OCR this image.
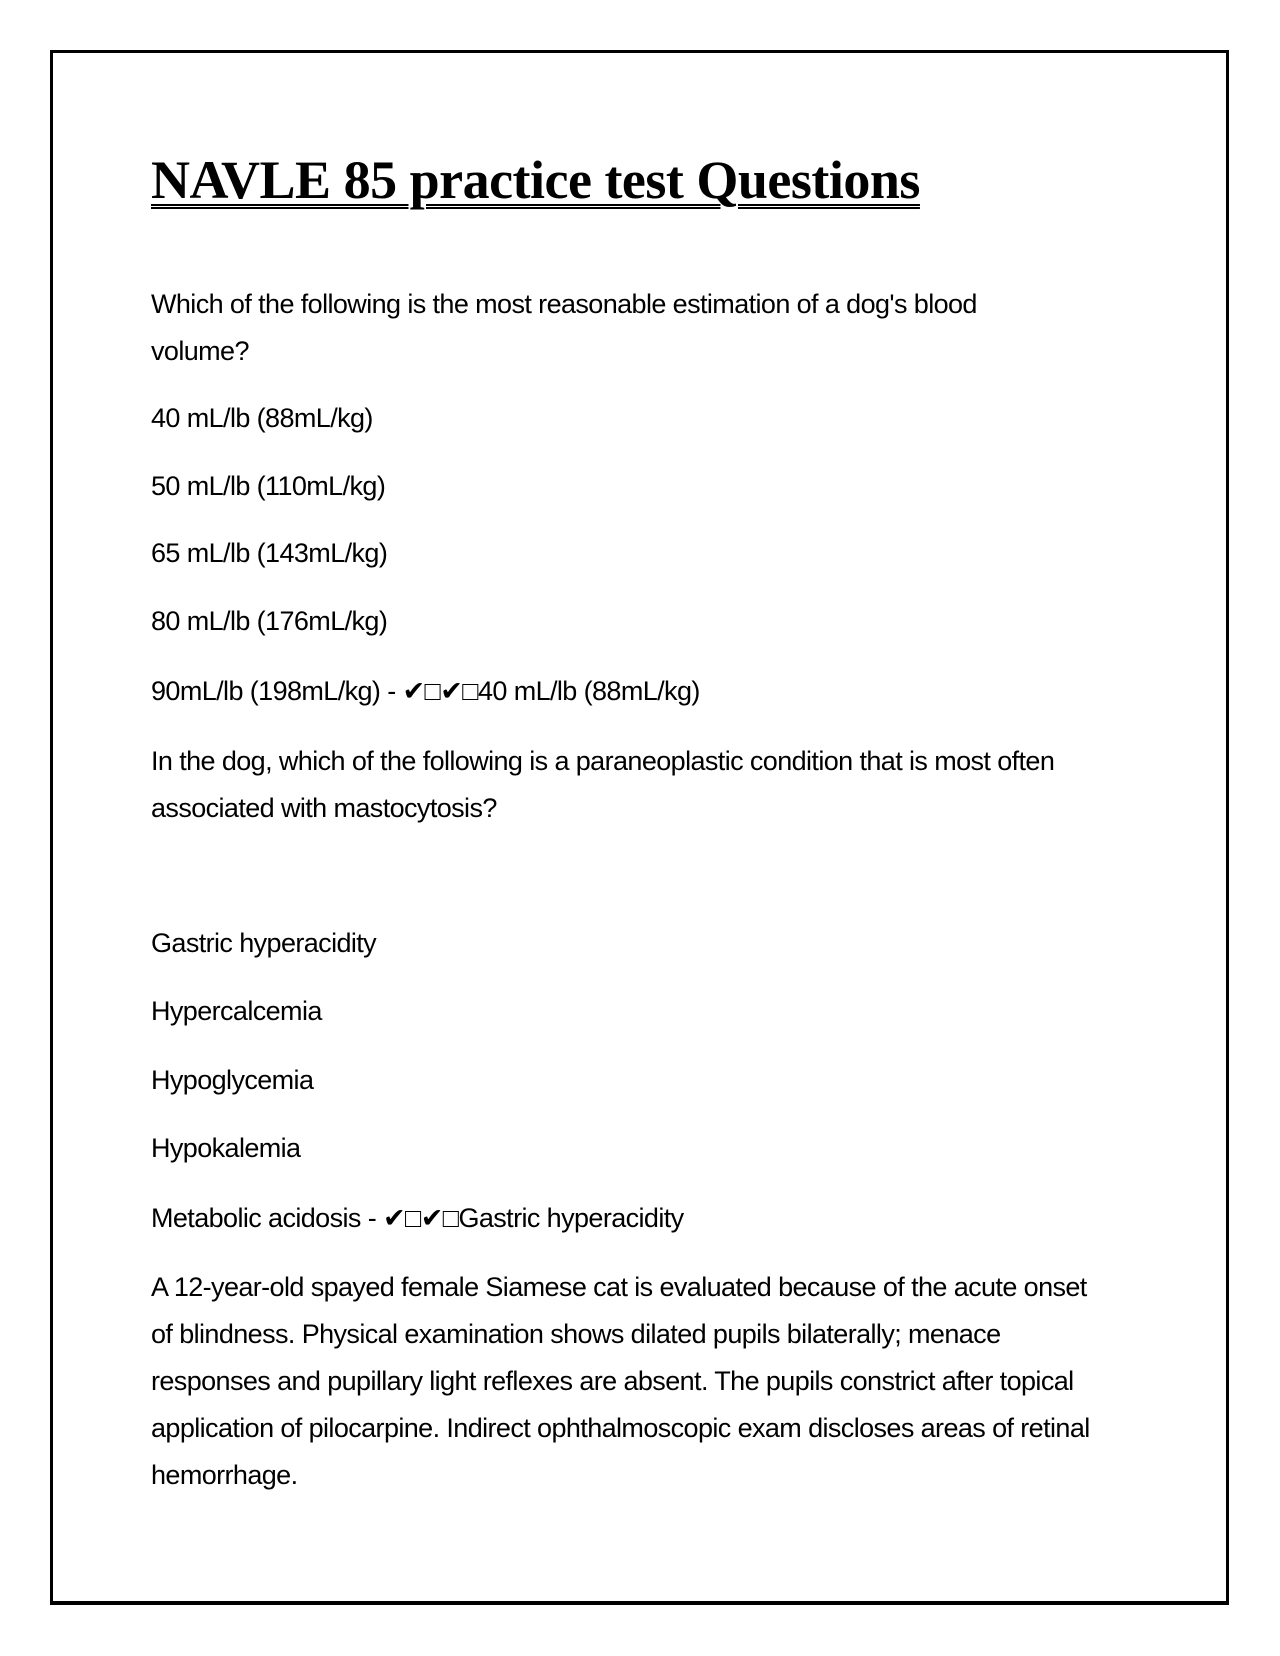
NAVLE 85 practice test Questions
Which of the following is the most reasonable estimation of a dog's blood volume?
40 mL/lb (88mL/kg)
50 mL/lb (110mL/kg)
65 mL/lb (143mL/kg)
80 mL/lb (176mL/kg)
90mL/lb (198mL/kg) - ✔□✔□40 mL/lb (88mL/kg)
In the dog, which of the following is a paraneoplastic condition that is most often associated with mastocytosis?
Gastric hyperacidity
Hypercalcemia
Hypoglycemia
Hypokalemia
Metabolic acidosis - ✔□✔□Gastric hyperacidity
A 12-year-old spayed female Siamese cat is evaluated because of the acute onset of blindness. Physical examination shows dilated pupils bilaterally; menace responses and pupillary light reflexes are absent. The pupils constrict after topical application of pilocarpine. Indirect ophthalmoscopic exam discloses areas of retinal hemorrhage.
